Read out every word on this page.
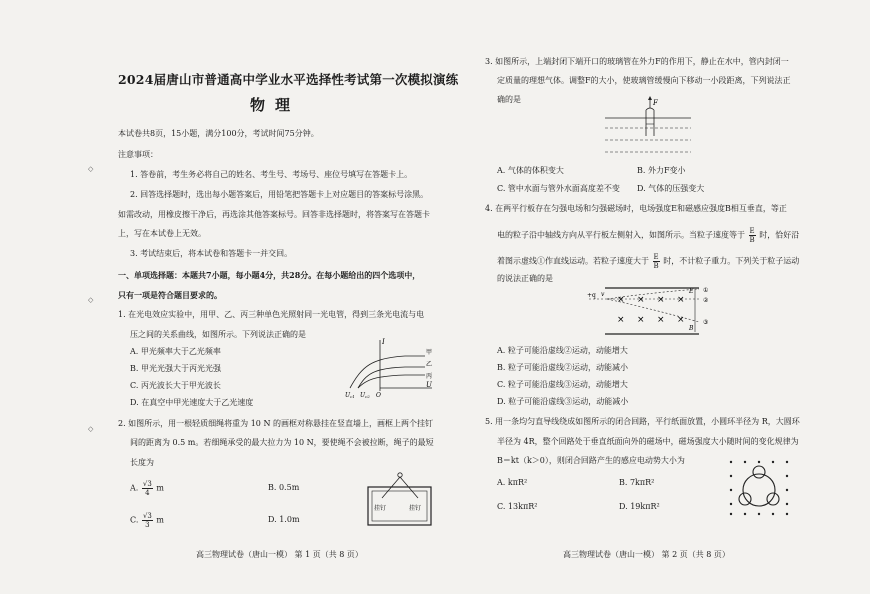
◇
◇
◇
2024届唐山市普通高中学业水平选择性考试第一次模拟演练
物理
本试卷共8页，15小题，满分100分，考试时间75分钟。
注意事项：
1. 答卷前，考生务必将自己的姓名、考生号、考场号、座位号填写在答题卡上。
2. 回答选择题时，选出每小题答案后，用铅笔把答题卡上对应题目的答案标号涂黑。
如需改动，用橡皮擦干净后，再选涂其他答案标号。回答非选择题时，将答案写在答题卡
上，写在本试卷上无效。
3. 考试结束后，将本试卷和答题卡一并交回。
一、单项选择题：本题共7小题，每小题4分，共28分。在每小题给出的四个选项中，
只有一项是符合题目要求的。
1. 在光电效应实验中，用甲、乙、丙三种单色光照射同一光电管，得到三条光电流与电
压之间的关系曲线，如图所示。下列说法正确的是
A. 甲光频率大于乙光频率
B. 甲光光强大于丙光光强
C. 丙光波长大于甲光波长
D. 在真空中甲光速度大于乙光速度
I
U
甲
乙
丙
Uc1 Uc2 O
2. 如图所示，用一根轻质细绳将重为 10 N 的画框对称悬挂在竖直墙上，画框上两个挂钉
间的距离为 0.5 m。若细绳承受的最大拉力为 10 N，要使绳不会被拉断，绳子的最短
长度为
A. $\frac{√3}{4}$ m	B. 0.5m
C. $\frac{√3}{3}$ m	D. 1.0m
挂钉	挂钉
高三物理试卷（唐山一模） 第 1 页（共 8 页）
3. 如图所示，上端封闭下端开口的玻璃管在外力F的作用下，静止在水中，管内封闭一
定质量的理想气体。调整F的大小，使玻璃管缓慢向下移动一小段距离，下列说法正
确的是	F
A. 气体的体积变大	B. 外力F变小
C. 管中水面与管外水面高度差不变 D. 气体的压强变大
4. 在两平行板存在匀强电场和匀强磁场时，电场强度E和磁感应强度B相互垂直，等正
电的粒子沿中轴线方向从平行板左侧射入，如图所示。当粒子速度等于 $\frac{E}{B}$ 时，恰好沿
着图示虚线①作直线运动。若粒子速度大于 $\frac{E}{B}$ 时，不计粒子重力。下列关于粒子运动
的说法正确的是
× × × ×
× × × ×
+q v	E
B
①
②
③
A. 粒子可能沿虚线②运动，动能增大
B. 粒子可能沿虚线②运动，动能减小
C. 粒子可能沿虚线③运动，动能增大
D. 粒子可能沿虚线③运动，动能减小
5. 用一条均匀直导线绕成如图所示的闭合回路，平行纸面放置，小圆环半径为 R，大圆环
半径为 4R，整个回路处于垂直纸面向外的磁场中，磁场强度大小随时间的变化规律为
B＝kt（k＞0），则闭合回路产生的感应电动势大小为
A. kπR²	B. 7kπR²
C. 13kπR²	D. 19kπR²
高三物理试卷（唐山一模） 第 2 页（共 8 页）
